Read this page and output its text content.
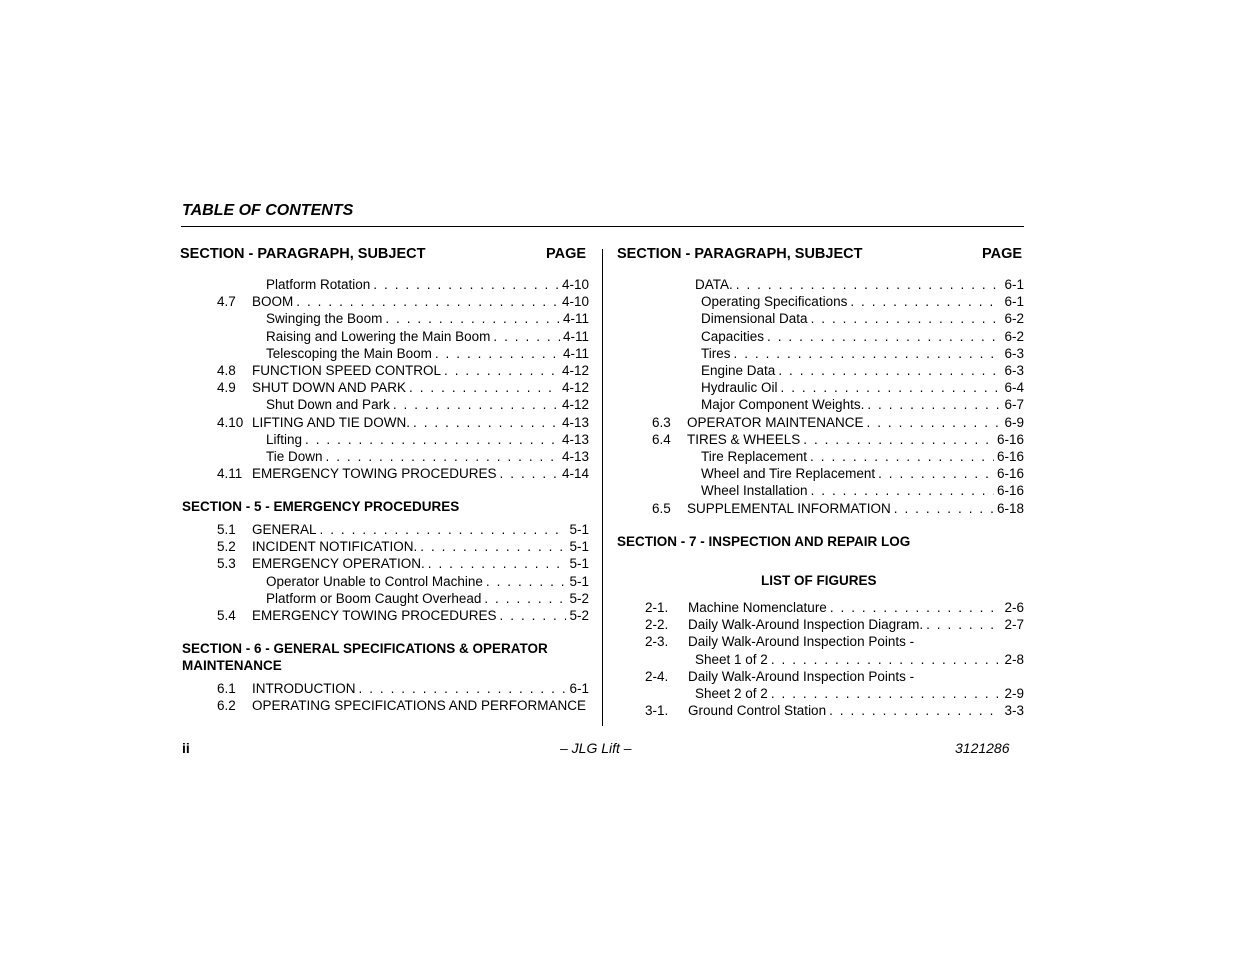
TABLE OF CONTENTS
SECTION - PARAGRAPH, SUBJECT	PAGE SECTION - PARAGRAPH, SUBJECT	PAGE
Platform Rotation . . .	4-10
4.7 BOOM . . .	4-10
Swinging the Boom . . .	4-11
Raising and Lowering the Main Boom . . .	4-11
Telescoping the Main Boom . . .	4-11
4.8 FUNCTION SPEED CONTROL . . .	4-12
4.9 SHUT DOWN AND PARK . . .	4-12
Shut Down and Park . . .	4-12
4.10 LIFTING AND TIE DOWN. . . .	4-13
Lifting . . .	4-13
Tie Down . . .	4-13
4.11 EMERGENCY TOWING PROCEDURES . . .	4-14
5.1 GENERAL . . .	5-1
5.2 INCIDENT NOTIFICATION. . . .	5-1
5.3 EMERGENCY OPERATION. . . .	5-1
Operator Unable to Control Machine . . .	5-1
Platform or Boom Caught Overhead . . .	5-2
5.4 EMERGENCY TOWING PROCEDURES . . .	5-2
6.1 INTRODUCTION . . .	6-1
6.2 OPERATING SPECIFICATIONS AND PERFORMANCE
DATA. . . .	6-1
Operating Specifications . . .	6-1
Dimensional Data . . .	6-2
Capacities . . .	6-2
Tires . . .	6-3
Engine Data . . .	6-3
Hydraulic Oil . . .	6-4
Major Component Weights. . . .	6-7
6.3 OPERATOR MAINTENANCE . . .	6-9
6.4 TIRES & WHEELS . . .	6-16
Tire Replacement . . .	6-16
Wheel and Tire Replacement . . .	6-16
Wheel Installation . . .	6-16
6.5 SUPPLEMENTAL INFORMATION . . .	6-18
2-1. Machine Nomenclature . . .	2-6
2-2. Daily Walk-Around Inspection Diagram. . . .	2-7
2-3. Daily Walk-Around Inspection Points -
Sheet 1 of 2 . . .	2-8
2-4. Daily Walk-Around Inspection Points -
Sheet 2 of 2 . . .	2-9
3-1. Ground Control Station . . .	3-3
SECTION - 5 - EMERGENCY PROCEDURES
SECTION - 6 - GENERAL SPECIFICATIONS & OPERATOR
MAINTENANCE
SECTION - 7 - INSPECTION AND REPAIR LOG
LIST OF FIGURES
ii	– JLG Lift –	3121286
